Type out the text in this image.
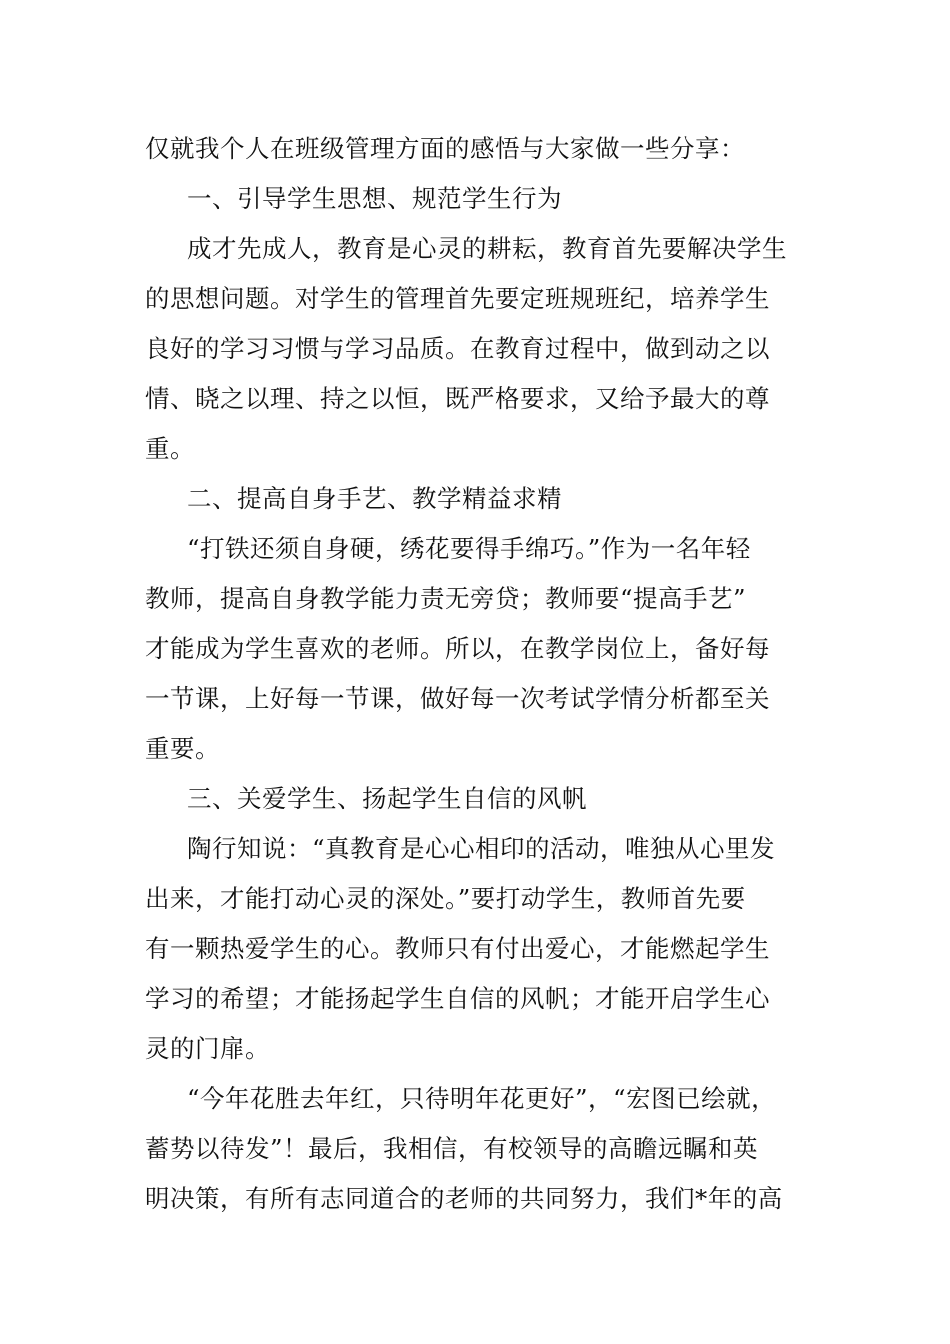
仅就我个人在班级管理方面的感悟与大家做一些分享：

一、引导学生思想、规范学生行为

成才先成人，教育是心灵的耕耘，教育首先要解决学生
的思想问题。对学生的管理首先要定班规班纪，培养学生
良好的学习习惯与学习品质。在教育过程中，做到动之以
情、晓之以理、持之以恒，既严格要求，又给予最大的尊
重。

二、提高自身手艺、教学精益求精

“打铁还须自身硬，绣花要得手绵巧。”作为一名年轻
教师，提高自身教学能力责无旁贷；教师要“提高手艺”
才能成为学生喜欢的老师。所以，在教学岗位上，备好每
一节课，上好每一节课，做好每一次考试学情分析都至关
重要。

三、关爱学生、扬起学生自信的风帆

陶行知说：“真教育是心心相印的活动，唯独从心里发
出来，才能打动心灵的深处。”要打动学生，教师首先要
有一颗热爱学生的心。教师只有付出爱心，才能燃起学生
学习的希望；才能扬起学生自信的风帆；才能开启学生心
灵的门扉。

“今年花胜去年红，只待明年花更好”，“宏图已绘就，
蓄势以待发”！最后，我相信，有校领导的高瞻远瞩和英
明决策，有所有志同道合的老师的共同努力，我们*年的高
